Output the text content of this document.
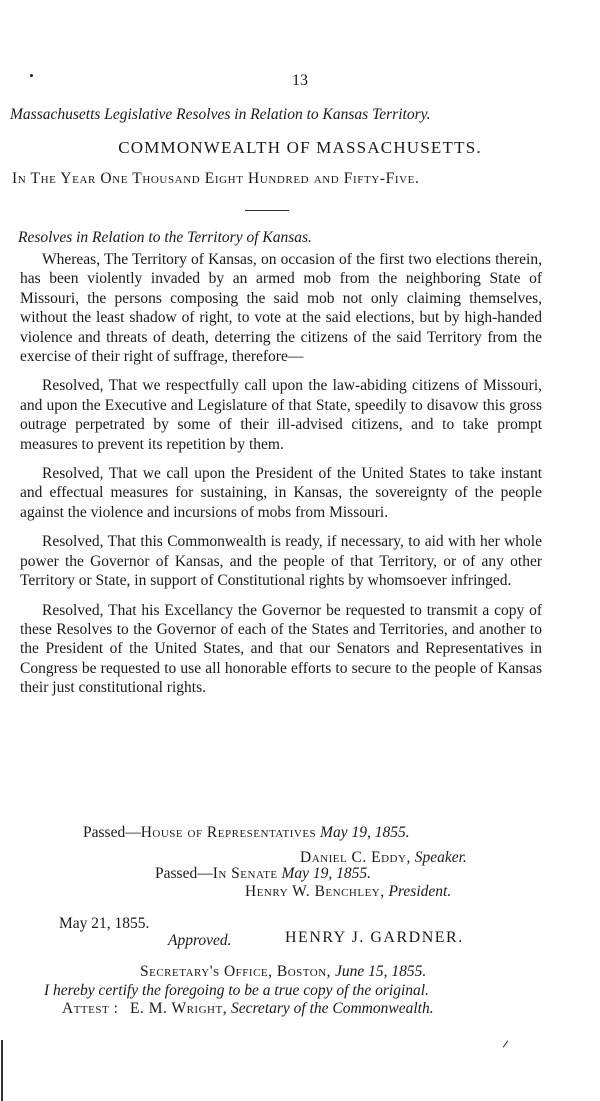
13
Massachusetts Legislative Resolves in Relation to Kansas Territory.
COMMONWEALTH OF MASSACHUSETTS.
In The Year One Thousand Eight Hundred and Fifty-Five.
Resolves in Relation to the Territory of Kansas.

Whereas, The Territory of Kansas, on occasion of the first two elections therein, has been violently invaded by an armed mob from the neighboring State of Missouri, the persons composing the said mob not only claiming themselves, without the least shadow of right, to vote at the said elections, but by high-handed violence and threats of death, deterring the citizens of the said Territory from the exercise of their right of suffrage, therefore—

Resolved, That we respectfully call upon the law-abiding citizens of Missouri, and upon the Executive and Legislature of that State, speedily to disavow this gross outrage perpetrated by some of their ill-advised citizens, and to take prompt measures to prevent its repetition by them.

Resolved, That we call upon the President of the United States to take instant and effectual measures for sustaining, in Kansas, the sovereignty of the people against the violence and incursions of mobs from Missouri.

Resolved, That this Commonwealth is ready, if necessary, to aid with her whole power the Governor of Kansas, and the people of that Territory, or of any other Territory or State, in support of Constitutional rights by whomsoever infringed.

Resolved, That his Excellancy the Governor be requested to transmit a copy of these Resolves to the Governor of each of the States and Territories, and another to the President of the United States, and that our Senators and Representatives in Congress be requested to use all honorable efforts to secure to the people of Kansas their just constitutional rights.

Passed—House of Representatives May 19, 1855.
Daniel C. Eddy, Speaker.
Passed—In Senate May 19, 1855.
Henry W. Benchley, President.
May 21, 1855.
Approved.	HENRY J. GARDNER.
Secretary's Office, Boston, June 15, 1855.
I hereby certify the foregoing to be a true copy of the original.
Attest : E. M. Wright, Secretary of the Commonwealth.
